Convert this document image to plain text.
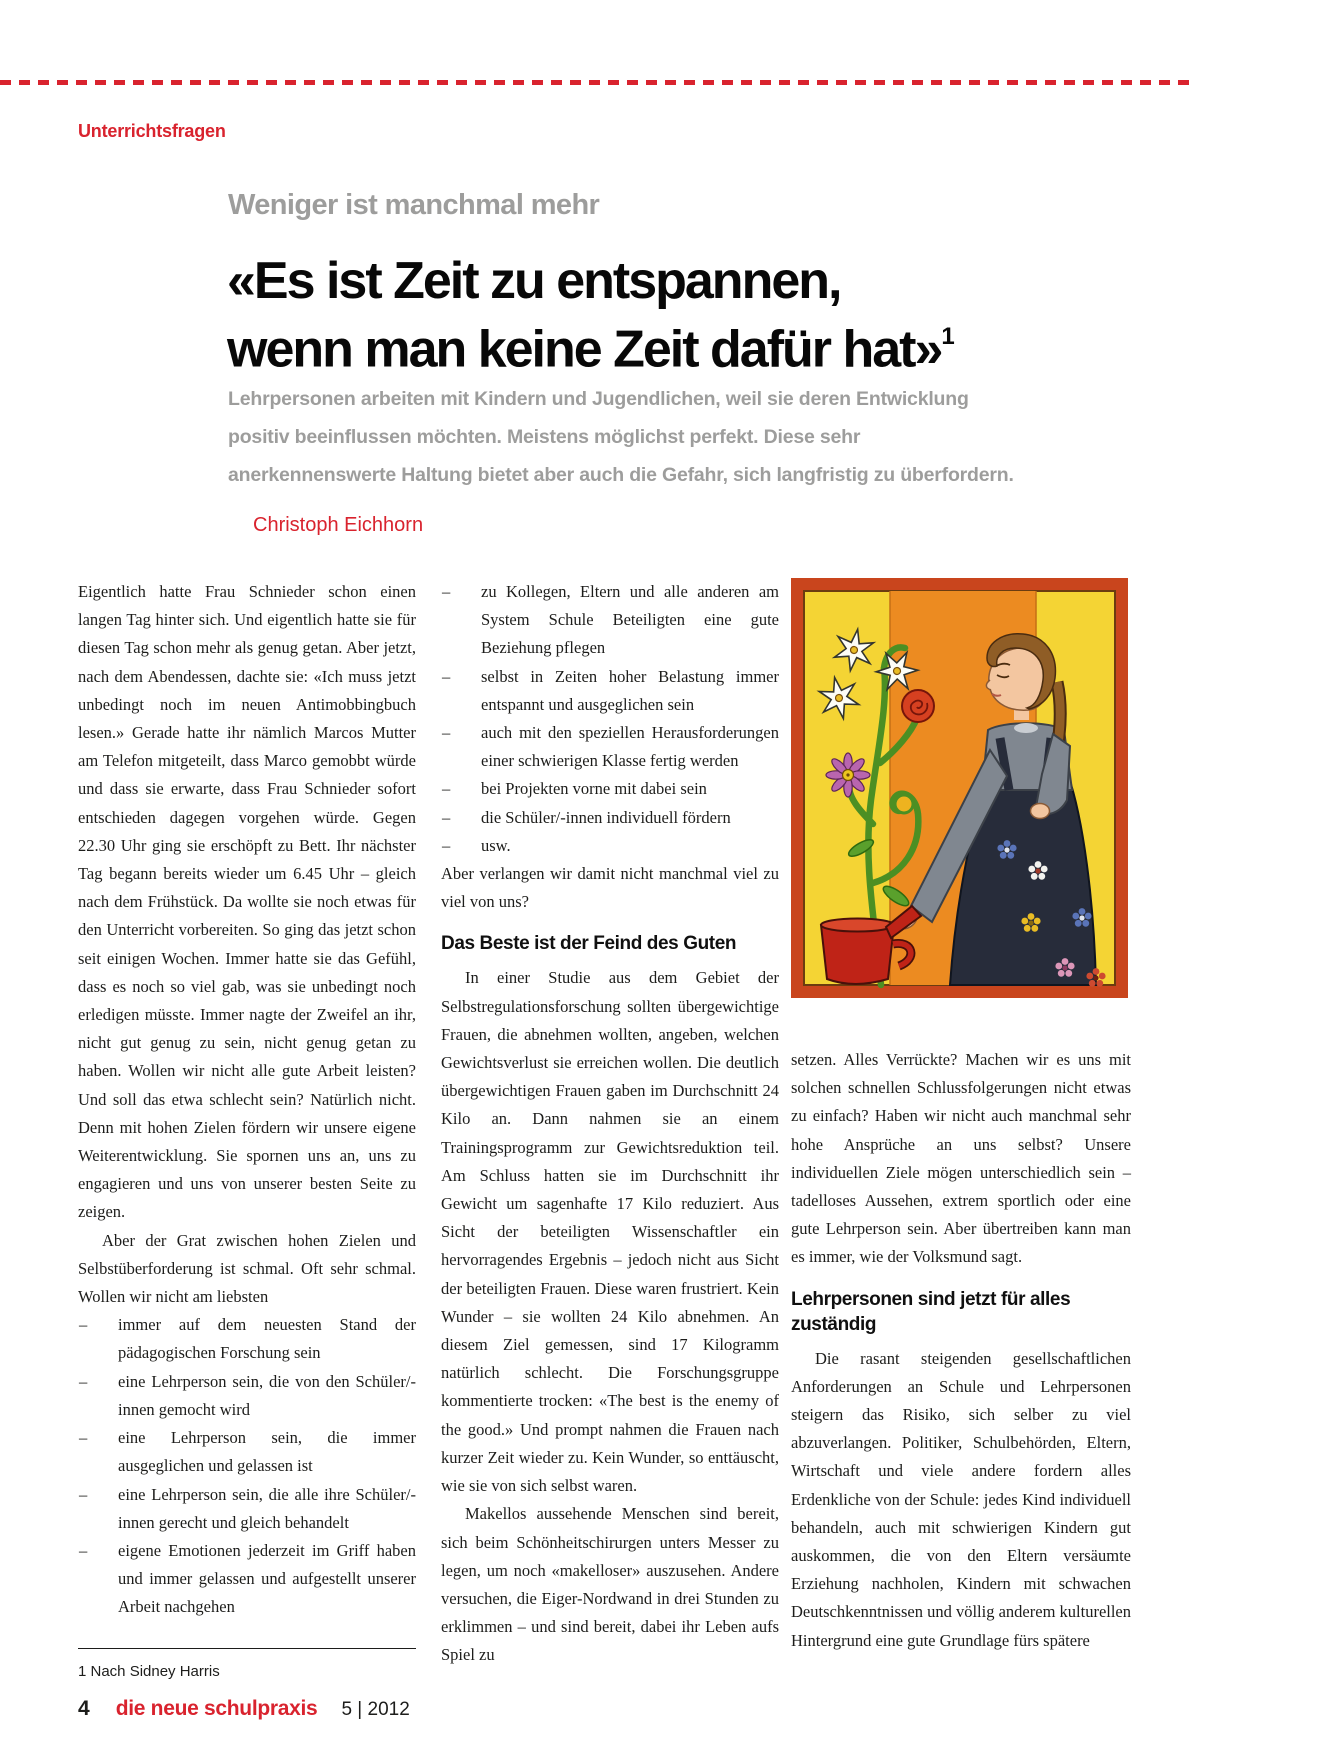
Unterrichtsfragen
Weniger ist manchmal mehr
«Es ist Zeit zu entspannen,
wenn man keine Zeit dafür hat»$^1$
Lehrpersonen arbeiten mit Kindern und Jugendlichen, weil sie deren Entwicklung positiv beeinflussen möchten. Meistens möglichst perfekt. Diese sehr anerkennenswerte Haltung bietet aber auch die Gefahr, sich langfristig zu überfordern.
Christoph Eichhorn

Eigentlich hatte Frau Schnieder schon einen langen Tag hinter sich. Und eigentlich hatte sie für diesen Tag schon mehr als genug getan. Aber jetzt, nach dem Abendessen, dachte sie: «Ich muss jetzt unbedingt noch im neuen Antimobbingbuch lesen.» Gerade hatte ihr nämlich Marcos Mutter am Telefon mitgeteilt, dass Marco gemobbt würde und dass sie erwarte, dass Frau Schnieder sofort entschieden dagegen vorgehen würde. Gegen 22.30 Uhr ging sie erschöpft zu Bett. Ihr nächster Tag begann bereits wieder um 6.45 Uhr – gleich nach dem Frühstück. Da wollte sie noch etwas für den Unterricht vorbereiten. So ging das jetzt schon seit einigen Wochen. Immer hatte sie das Gefühl, dass es noch so viel gab, was sie unbedingt noch erledigen müsste. Immer nagte der Zweifel an ihr, nicht gut genug zu sein, nicht genug getan zu haben. Wollen wir nicht alle gute Arbeit leisten? Und soll das etwa schlecht sein? Natürlich nicht. Denn mit hohen Zielen fördern wir unsere eigene Weiterentwicklung. Sie spornen uns an, uns zu engagieren und uns von unserer besten Seite zu zeigen.

Aber der Grat zwischen hohen Zielen und Selbstüberforderung ist schmal. Oft sehr schmal. Wollen wir nicht am liebsten

– immer auf dem neuesten Stand der pädagogischen Forschung sein

– eine Lehrperson sein, die von den Schüler/-innen gemocht wird

– eine Lehrperson sein, die immer ausgeglichen und gelassen ist

– eine Lehrperson sein, die alle ihre Schüler/-innen gerecht und gleich behandelt

– eigene Emotionen jederzeit im Griff haben und immer gelassen und aufgestellt unserer Arbeit nachgehen

1 Nach Sidney Harris

– zu Kollegen, Eltern und alle anderen am System Schule Beteiligten eine gute Beziehung pflegen

– selbst in Zeiten hoher Belastung immer entspannt und ausgeglichen sein

– auch mit den speziellen Herausforderungen einer schwierigen Klasse fertig werden

– bei Projekten vorne mit dabei sein

– die Schüler/-innen individuell fördern

– usw.

Aber verlangen wir damit nicht manchmal viel zu viel von uns?

Das Beste ist der Feind des Guten

In einer Studie aus dem Gebiet der Selbstregulationsforschung sollten übergewichtige Frauen, die abnehmen wollten, angeben, welchen Gewichtsverlust sie erreichen wollen. Die deutlich übergewichtigen Frauen gaben im Durchschnitt 24 Kilo an. Dann nahmen sie an einem Trainingsprogramm zur Gewichtsreduktion teil. Am Schluss hatten sie im Durchschnitt ihr Gewicht um sagenhafte 17 Kilo reduziert. Aus Sicht der beteiligten Wissenschaftler ein hervorragendes Ergebnis – jedoch nicht aus Sicht der beteiligten Frauen. Diese waren frustriert. Kein Wunder – sie wollten 24 Kilo abnehmen. An diesem Ziel gemessen, sind 17 Kilogramm natürlich schlecht. Die Forschungsgruppe kommentierte trocken: «The best is the enemy of the good.» Und prompt nahmen die Frauen nach kurzer Zeit wieder zu. Kein Wunder, so enttäuscht, wie sie von sich selbst waren.

Makellos aussehende Menschen sind bereit, sich beim Schönheitschirurgen unters Messer zu legen, um noch «makelloser» auszusehen. Andere versuchen, die Eiger-Nordwand in drei Stunden zu erklimmen – und sind bereit, dabei ihr Leben aufs Spiel zu

setzen. Alles Verrückte? Machen wir es uns mit solchen schnellen Schlussfolgerungen nicht etwas zu einfach? Haben wir nicht auch manchmal sehr hohe Ansprüche an uns selbst? Unsere individuellen Ziele mögen unterschiedlich sein – tadelloses Aussehen, extrem sportlich oder eine gute Lehrperson sein. Aber übertreiben kann man es immer, wie der Volksmund sagt.

Lehrpersonen sind jetzt für alles zuständig

Die rasant steigenden gesellschaftlichen Anforderungen an Schule und Lehrpersonen steigern das Risiko, sich selber zu viel abzuverlangen. Politiker, Schulbehörden, Eltern, Wirtschaft und viele andere fordern alles Erdenkliche von der Schule: jedes Kind individuell behandeln, auch mit schwierigen Kindern gut auskommen, die von den Eltern versäumte Erziehung nachholen, Kindern mit schwachen Deutschkenntnissen und völlig anderem kulturellen Hintergrund eine gute Grundlage fürs spätere

4 die neue schulpraxis 5 | 2012
